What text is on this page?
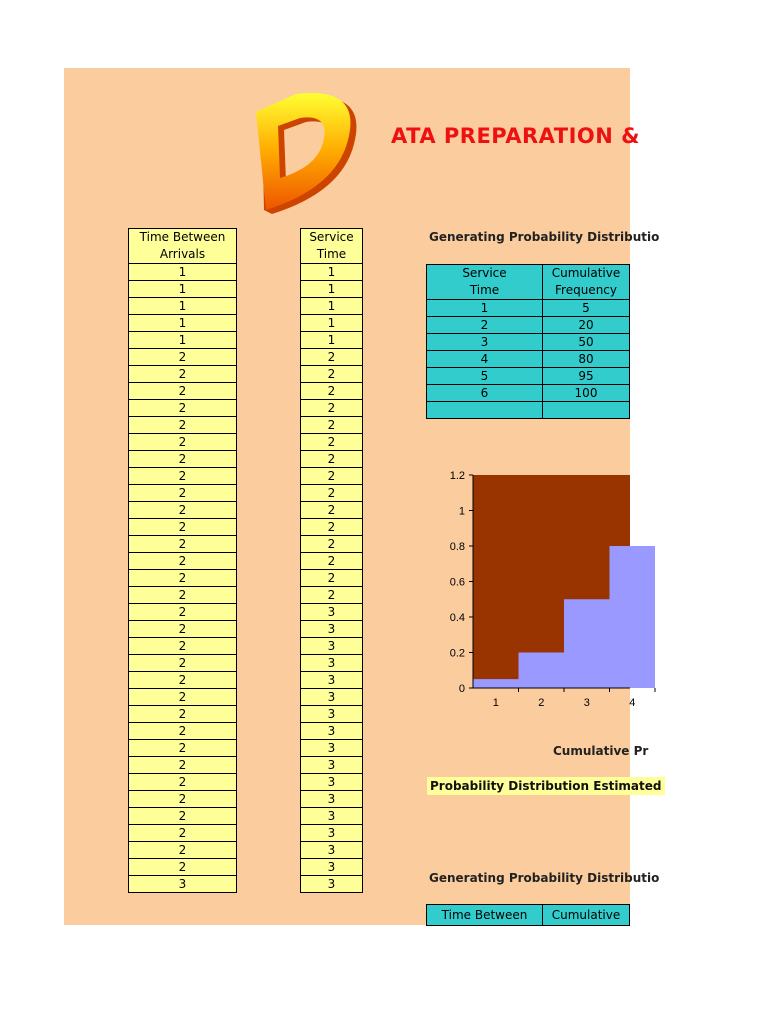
ATA PREPARATION &
Time Between
Arrivals
1
1
1
1
1
2
2
2
2
2
2
2
2
2
2
2
2
2
2
2
2
2
2
2
2
2
2
2
2
2
2
2
2
2
2
2
3
Service
Time
1
1
1
1
1
2
2
2
2
2
2
2
2
2
2
2
2
2
2
2
3
3
3
3
3
3
3
3
3
3
3
3
3
3
3
3
3
Generating Probability Distributio
Service
Time	Cumulative
Frequency
1	5
2	20
3	50
4	80
5	95
6	100

0
0.2
0.4
0.6
0.8
1
1.2
1	2	3	4
Cumulative Pr
Probability Distribution Estimated
Generating Probability Distributio
Time Between	Cumulative
